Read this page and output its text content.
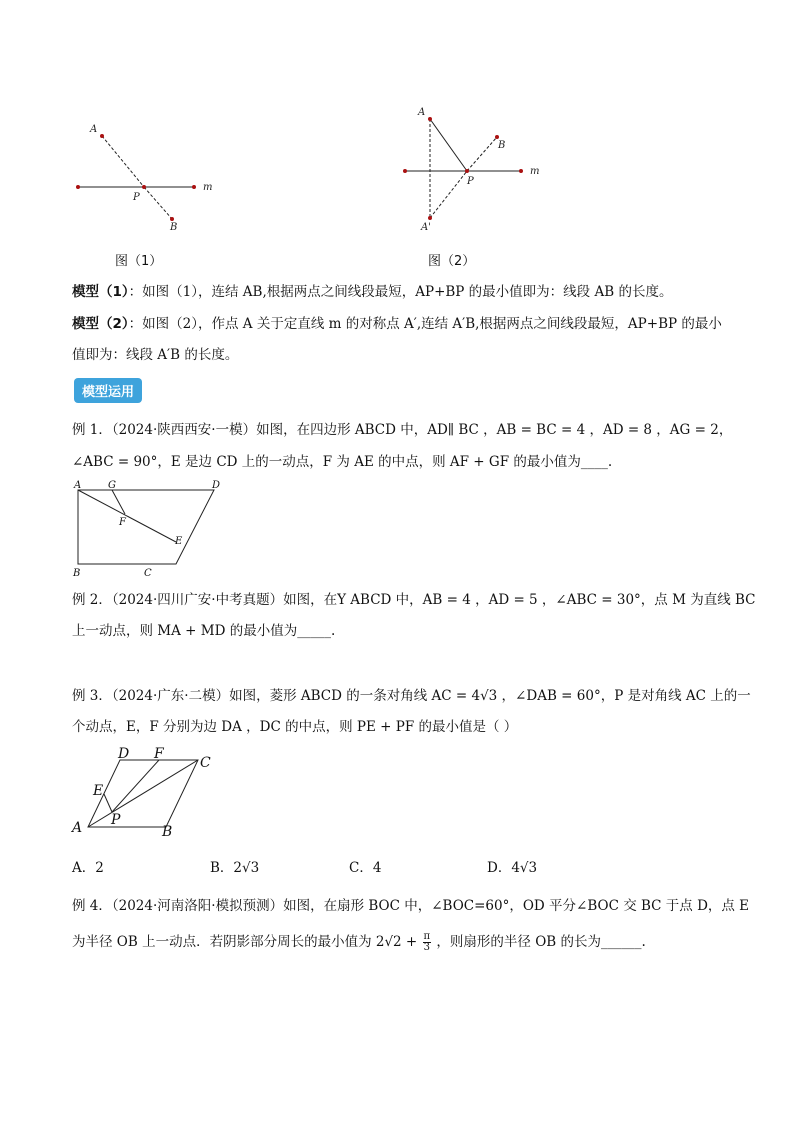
A
P
B
m
图（1）
A
B
P
A'
m
图（2）
模型（1）：如图（1），连结 AB,根据两点之间线段最短，AP+BP 的最小值即为：线段 AB 的长度。
模型（2）：如图（2），作点 A 关于定直线 m 的对称点 A′,连结 A′B,根据两点之间线段最短，AP+BP 的最小
值即为：线段 A′B 的长度。
模型运用
例 1．（2024·陕西西安·一模）如图，在四边形 ABCD 中，AD∥ BC ，AB = BC = 4 ，AD = 8 ，AG = 2，
∠ABC = 90°，E 是边 CD 上的一动点，F 为 AE 的中点，则 AF + GF 的最小值为____.
A	G	D
F
E
B	C
例 2．（2024·四川广安·中考真题）如图，在Y ABCD 中，AB = 4 ，AD = 5 ，∠ABC = 30°，点 M 为直线 BC
上一动点，则 MA + MD 的最小值为_____.
例 3．（2024·广东·二模）如图，菱形 ABCD 的一条对角线 AC = 4√3 ，∠DAB = 60°，P 是对角线 AC 上的一
个动点，E，F 分别为边 DA ，DC 的中点，则 PE + PF 的最小值是（ ）
D F
C
E
P
A	B
A．2	B．2√3	C．4	D．4√3
例 4．（2024·河南洛阳·模拟预测）如图，在扇形 BOC 中，∠BOC=60°，OD 平分∠BOC 交 BC 于点 D，点 E
为半径 OB 上一动点．若阴影部分周长的最小值为 $2√2 + \frac{\pi}{3}$ ，则扇形的半径 OB 的长为______.
